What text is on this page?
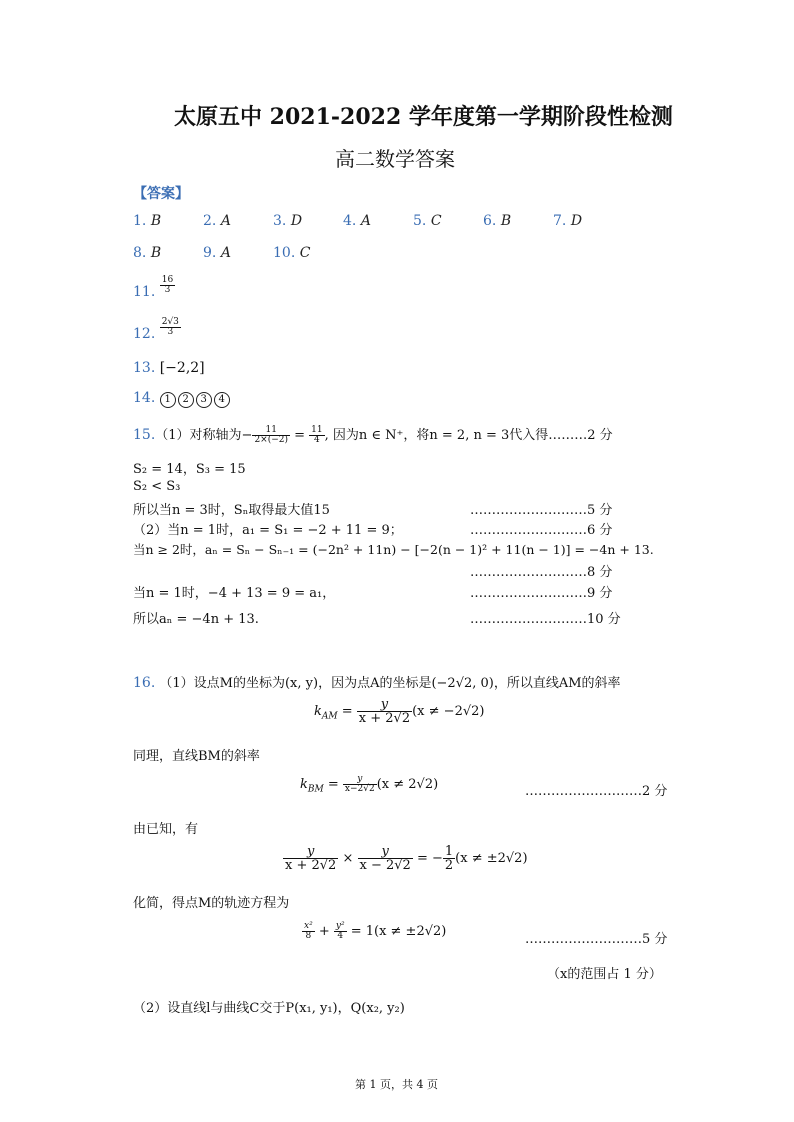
太原五中 2021-2022 学年度第一学期阶段性检测
高二数学答案
【答案】
1. B	2. A	3. D	4. A	5. C	6. B	7. D
8. B	9. A	10. C
11. $\frac{16}{3}$
12. $\frac{2√3}{3}$
13. [−2,2]
14. 1 2 3 4
15.（1）对称轴为− $\frac{11}{2\times(-2)} = \frac{11}{4}$ , 因为n ∈ N⁺，将n = 2, n = 3代入得………2 分
S₂ = 14，S₃ = 15
S₂ < S₃
所以当n = 3时，Sₙ取得最大值15	………………………5 分
（2）当n = 1时，a₁ = S₁ = −2 + 11 = 9；	………………………6 分
当n ≥ 2时，aₙ = Sₙ − Sₙ₋₁ = (−2n² + 11n) − [−2(n − 1)² + 11(n − 1)] = −4n + 13.
………………………8 分
当n = 1时，−4 + 13 = 9 = a₁，	………………………9 分
所以aₙ = −4n + 13.	………………………10 分
16. （1）设点M的坐标为(x, y)，因为点A的坐标是(−2√2, 0)，所以直线AM的斜率
$k_{AM} = \frac{y}{x + 2√2} (x \ne -2√2)$
同理，直线BM的斜率
$k_{BM} = \frac{y}{x-2√2} (x \ne 2√2)$	………………………2 分
由已知，有
$\frac{y}{x + 2√2} \times \frac{y}{x - 2√2}$ = − $\frac{1}{2} (x \ne \pm 2√2)$
化简，得点M的轨迹方程为
$\frac{\text{x²}}{8} + \frac{\text{y²}}{4} = 1(x \ne \pm 2√2)$
………………………5 分
（x的范围占 1 分）
（2）设直线l与曲线C交于P(x₁, y₁)，Q(x₂, y₂)
第 1 页，共 4 页
